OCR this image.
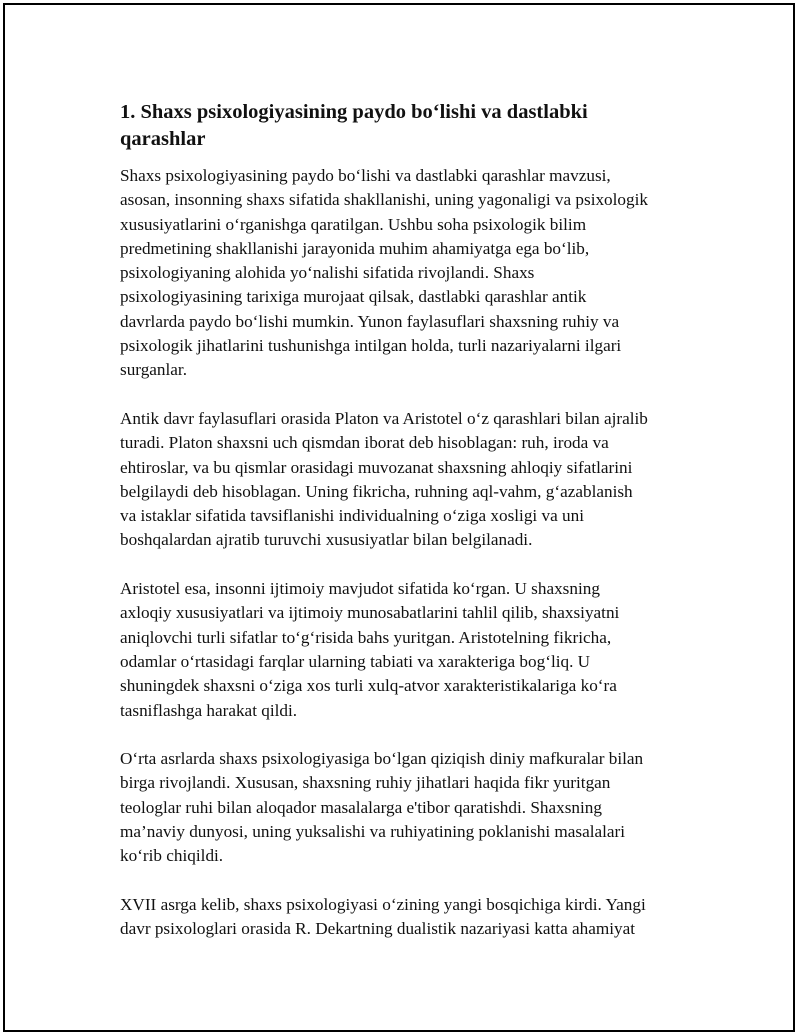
1. Shaxs psixologiyasining paydo boʻlishi va dastlabki
qarashlar

Shaxs psixologiyasining paydo boʻlishi va dastlabki qarashlar mavzusi,
asosan, insonning shaxs sifatida shakllanishi, uning yagonaligi va psixologik
xususiyatlarini oʻrganishga qaratilgan. Ushbu soha psixologik bilim
predmetining shakllanishi jarayonida muhim ahamiyatga ega boʻlib,
psixologiyaning alohida yoʻnalishi sifatida rivojlandi. Shaxs
psixologiyasining tarixiga murojaat qilsak, dastlabki qarashlar antik
davrlarda paydo boʻlishi mumkin. Yunon faylasuflari shaxsning ruhiy va
psixologik jihatlarini tushunishga intilgan holda, turli nazariyalarni ilgari
surganlar.

Antik davr faylasuflari orasida Platon va Aristotel oʻz qarashlari bilan ajralib
turadi. Platon shaxsni uch qismdan iborat deb hisoblagan: ruh, iroda va
ehtiroslar, va bu qismlar orasidagi muvozanat shaxsning ahloqiy sifatlarini
belgilaydi deb hisoblagan. Uning fikricha, ruhning aql-vahm, gʻazablanish
va istaklar sifatida tavsiflanishi individualning oʻziga xosligi va uni
boshqalardan ajratib turuvchi xususiyatlar bilan belgilanadi.

Aristotel esa, insonni ijtimoiy mavjudot sifatida koʻrgan. U shaxsning
axloqiy xususiyatlari va ijtimoiy munosabatlarini tahlil qilib, shaxsiyatni
aniqlovchi turli sifatlar toʻgʻrisida bahs yuritgan. Aristotelning fikricha,
odamlar oʻrtasidagi farqlar ularning tabiati va xarakteriga bogʻliq. U
shuningdek shaxsni oʻziga xos turli xulq-atvor xarakteristikalariga koʻra
tasniflashga harakat qildi.

Oʻrta asrlarda shaxs psixologiyasiga boʻlgan qiziqish diniy mafkuralar bilan
birga rivojlandi. Xususan, shaxsning ruhiy jihatlari haqida fikr yuritgan
teologlar ruhi bilan aloqador masalalarga e'tibor qaratishdi. Shaxsning
ma’naviy dunyosi, uning yuksalishi va ruhiyatining poklanishi masalalari
koʻrib chiqildi.

XVII asrga kelib, shaxs psixologiyasi oʻzining yangi bosqichiga kirdi. Yangi
davr psixologlari orasida R. Dekartning dualistik nazariyasi katta ahamiyat
